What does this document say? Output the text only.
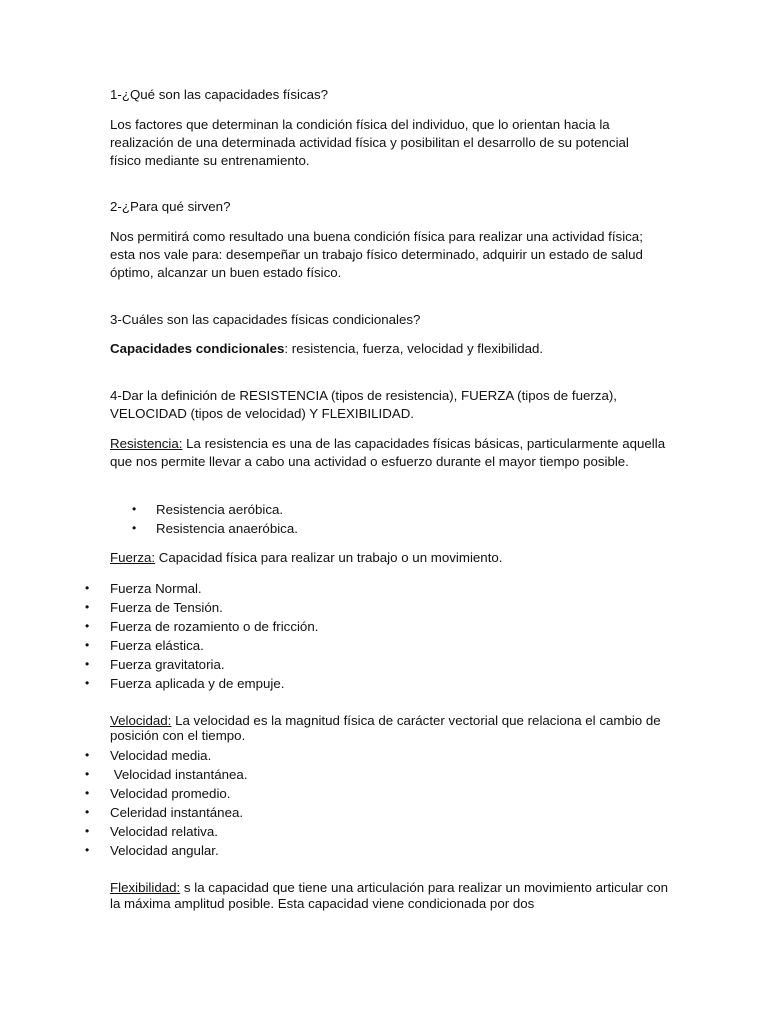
1-¿Qué son las capacidades físicas?
Los factores que determinan la condición física del individuo, que lo orientan hacia la realización de una determinada actividad física y posibilitan el desarrollo de su potencial físico mediante su entrenamiento.
2-¿Para qué sirven?
Nos permitirá como resultado una buena condición física para realizar una actividad física; esta nos vale para: desempeñar un trabajo físico determinado, adquirir un estado de salud óptimo, alcanzar un buen estado físico.
3-Cuáles son las capacidades físicas condicionales?
Capacidades condicionales: resistencia, fuerza, velocidad y flexibilidad.
4-Dar la definición de RESISTENCIA (tipos de resistencia), FUERZA (tipos de fuerza), VELOCIDAD (tipos de velocidad) Y FLEXIBILIDAD.
Resistencia: La resistencia es una de las capacidades físicas básicas, particularmente aquella que nos permite llevar a cabo una actividad o esfuerzo durante el mayor tiempo posible.
• Resistencia aeróbica.
• Resistencia anaeróbica.
Fuerza: Capacidad física para realizar un trabajo o un movimiento.
• Fuerza Normal.
• Fuerza de Tensión.
• Fuerza de rozamiento o de fricción.
• Fuerza elástica.
• Fuerza gravitatoria.
• Fuerza aplicada y de empuje.
Velocidad: La velocidad es la magnitud física de carácter vectorial que relaciona el cambio de posición con el tiempo.
• Velocidad media.
• Velocidad instantánea.
• Velocidad promedio.
• Celeridad instantánea.
• Velocidad relativa.
• Velocidad angular.
Flexibilidad: s la capacidad que tiene una articulación para realizar un movimiento articular con la máxima amplitud posible. Esta capacidad viene condicionada por dos
